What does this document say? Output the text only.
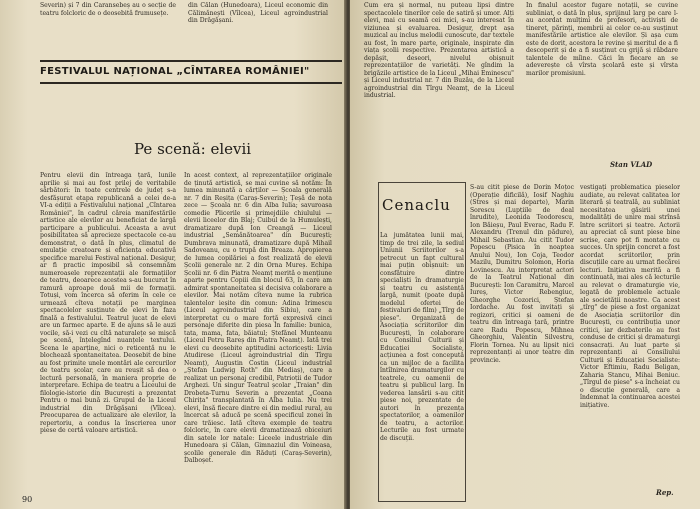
Severin) și 7 din Caransebeș au o secție de teatru folcloric de o deosebită frumusețe.
din Călan (Hunedoara), Liceul economic din Călimănești (Vîlcea), Liceul agroindustrial din Drăgășani.
FESTIVALUL NAȚIONAL „CÎNTAREA ROMÂNIEI"
Pe scenă: elevii
Pentru elevii din întreaga țară, lunile aprilie și mai au fost prilej de veritabile sărbători: în toate centrele de județ s-a desfășurat etapa republicană a celei de-a VI-a ediții a Festivalului național „Cîntarea României", în cadrul căreia manifestările artistice ale elevilor au beneficiat de largă participare a publicului. Aceasta a avut posibilitatea să aprecieze spectacole ce-au demonstrat, o dată în plus, climatul de emulație creatoare și eficiența educativă specifice marelui Festival național. Desigur, ar fi practic imposibil să consemnăm numeroasele reprezentații ale formațiilor de teatru, deoarece acestea s-au bucurat în ramură aproape două mii de formații. Totuși, vom încerca să oferim în cele ce urmează cîteva notații pe marginea spectacolelor susținute de elevi în faza finală a festivalului. Teatrul jucat de elevi are un farmec aparte. E de ajuns să le auzi vocile, să-i vezi cu cîtă naturalețe se mișcă pe scenă, înțelegînd nuanțele textului. Scena le aparține, nici o reticență nu le blochează spontaneitatea. Deosebit de bine au fost primite unele montări ale cercurilor de teatru școlar, care au reușit să dea o lectură personală, în maniera proprie de interpretare. Echipa de teatru a Liceului de filologie-istorie din București a prezentat Pentru o mai bună zi. Grupul de la Liceul industrial din Drăgășani (Vîlcea). Preocuparea de actualizare ale elevilor, la repertoriu, a condus la înscrierea unor piese de certă valoare artistică.
În acest context, al reprezentațiilor originale de ținută artistică, se mai cuvine să notăm: În lumea minunată a cărților — Școala generală nr. 7 din Reșița (Caraș-Severin); Țeșă de nota zece — Școala nr. 6 din Alba Iulia; savuroasa comedie Plicerile și primejdiile chiulului — elevii liceelor din Blaj; Cuibul de la Humulești, dramatizare după Ion Creangă — Liceul industrial „Semănătoarea" din București; Dumbrava minunată, dramatizare după Mihail Sadoveanu, cu o trupă din Breaza. Apropierea de lumea copilăriei a fost realizată de elevii Școlii generale nr. 2 din Orna Mureș. Echipa Școlii nr. 6 din Piatra Neamț merită o mențiune aparte pentru Copiii din blocul 63, în care am admirat spontaneitatea și decisiva colaborare a elevilor. Mai notăm cîteva nume la rubrica talentelor ieșite din comun: Adina Irimescu (Liceul agroindustrial din Sibiu), care a interpretat cu o mare forță expresivă cinci personaje diferite din piesa În familie: bunica, tata, mama, fata, băiatul; Ștefănel Munteanu (Liceul Petru Rareș din Piatra Neamț). Iată trei elevi cu deosebite aptitudini actoricești: Livia Atudirese (Liceul agroindustrial din Tîrgu Neamț), Augustin Costin (Liceul industrial „Ștefan Ludwig Roth" din Mediaș), care a realizat un personaj credibil, Patrioții de Tudor Arghezi. Un singur Teatrul școlar „Traian" din Drobeta-Turnu Severin a prezentat „Coana Chirița" transplantată în Alba Iulia. Nu trei elevi, însă fiecare dintre ei din mediul rural, au încercat să aducă pe scenă specificul zonei în care trăiesc. Iată cîteva exemple de teatru folcloric, în care elevii dramatizează obiceiuri din satele lor natale: Liceele industriale din Hunedoara și Călan, Gimnaziul din Voineasa, școlile generale din Răduți (Caraș-Severin), Dalboșet.
90
Cum era și normal, nu puteau lipsi dintre spectacolele tinerilor cele de satiră și umor. Alți elevi, mai cu seamă cei mici, s-au interesat în viziunea și evaluarea. Desigur, drept așa muzical au inclus melodii cunoscute, dar textele au fost, în mare parte, originale, inspirate din viața școlii respective. Prezentarea artistică a depășit, deseori, nivelul obișnuit reprezentațiilor de varietăți. Ne gîndim la brigăzile artistice de la Liceul „Mihai Eminescu" și Liceul industrial nr. 7 din Buzău, de la Liceul agroindustrial din Tîrgu Neamț, de la Liceul industrial.
În finalul acestor fugare notații, se cuvine subliniat, o dată în plus, sprijinul larg pe care l-au acordat mulțimi de profesori, activiști de tineret, părinți, membrii ai celor ce-au susținut manifestările artistice ale elevilor. Și așa cum este de dorit, acestora le revine și meritul de a fi descoperit și de a fi susținut cu grijă și răbdare talentele de mîine. Căci în fiecare an se adeverește că vîrsta școlară este și vîrsta marilor promisiuni.
Stan VLAD
La jumătatea lunii mai, timp de trei zile, la sediul Uniunii Scriitorilor s-a petrecut un fapt cultural mai puțin obișnuit: un consfătuire dintre specialiști în dramaturgie și teatru cu asistență largă, numit (poate după modelul ofertei de festivaluri de film) „Tîrg de piese". Organizată de Asociația scriitorilor din București, în colaborare cu Consiliul Culturii și Educației Socialiste, acțiunea a fost concepută ca un mijloc de a facilita întîlnirea dramaturgilor cu teatrele, cu oamenii de teatru și publicul larg. În vederea lansării s-au citit piese noi, prezentate de autori în prezența spectatorilor, a oamenilor de teatru, a actorilor. Lecturile au fost urmate de discuții.
S-au citit piese de Dorin Moțoc (Operație dificilă), Iosif Naghiu (Stres și mai departe), Marin Sorescu (Lupțiile de deal înrudite), Leonida Teodorescu, Ion Băieșu, Paul Everac, Radu F. Alexandru (Trenul din pădure), Mihail Sebastian. Au citit Tudor Popescu (Pisica în noaptea Anului Nou), Ion Coja, Teodor Mazilu, Dumitru Solomon, Horia Lovinescu. Au interpretat actori de la Teatrul Național din București: Ion Caramitru, Marcel Iureș, Victor Rebengiuc, Gheorghe Cozorici, Ștefan Iordache. Au fost invitați și regizori, critici și oameni de teatru din întreaga țară, printre care Radu Popescu, Mihnea Gheorghiu, Valentin Silvestru, Florin Tornea. Nu au lipsit nici reprezentanți ai unor teatre din provincie.
vestigați problematica pieselor audiate, au relevat calitatea lor literară și teatrală, au subliniat necesitatea găsirii unei modalități de unire mai strînsă între scriitori și teatre. Actorii au apreciat că sunt piese bine scrise, care pot fi montate cu succes. Un sprijin concret a fost acordat scriitorilor, prin discuțiile care au urmat fiecărei lecturi. Inițiativa merită a fi continuată, mai ales că lecturile au relevat o dramaturgie vie, legată de problemele actuale ale societății noastre. Ca acest „tîrg" de piese a fost organizat de Asociația scriitorilor din București, cu contribuția unor critici, iar dezbaterile au fost conduse de critici și dramaturgi consacrați. Au luat parte și reprezentanți ai Consiliului Culturii și Educației Socialiste: Victor Eftimiu, Radu Beligan, Zaharia Stancu, Mihai Beniuc. „Tîrgul de piese" s-a încheiat cu o discuție generală, care a îndemnat la continuarea acestei inițiative.
Rep.
Cenaclu
